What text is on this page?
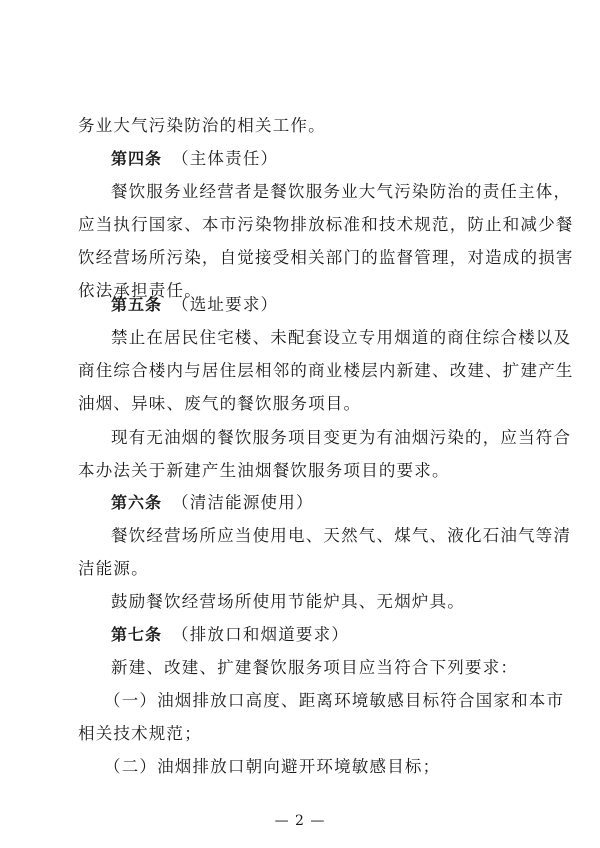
务业大气污染防治的相关工作。
第四条 （主体责任）
餐饮服务业经营者是餐饮服务业大气污染防治的责任主体，
应当执行国家、本市污染物排放标准和技术规范，防止和减少餐
饮经营场所污染，自觉接受相关部门的监督管理，对造成的损害
依法承担责任。
第五条 （选址要求）
禁止在居民住宅楼、未配套设立专用烟道的商住综合楼以及
商住综合楼内与居住层相邻的商业楼层内新建、改建、扩建产生
油烟、异味、废气的餐饮服务项目。
现有无油烟的餐饮服务项目变更为有油烟污染的，应当符合
本办法关于新建产生油烟餐饮服务项目的要求。
第六条 （清洁能源使用）
餐饮经营场所应当使用电、天然气、煤气、液化石油气等清
洁能源。
鼓励餐饮经营场所使用节能炉具、无烟炉具。
第七条 （排放口和烟道要求）
新建、改建、扩建餐饮服务项目应当符合下列要求：
（一）油烟排放口高度、距离环境敏感目标符合国家和本市
相关技术规范；
（二）油烟排放口朝向避开环境敏感目标；
— 2 —
